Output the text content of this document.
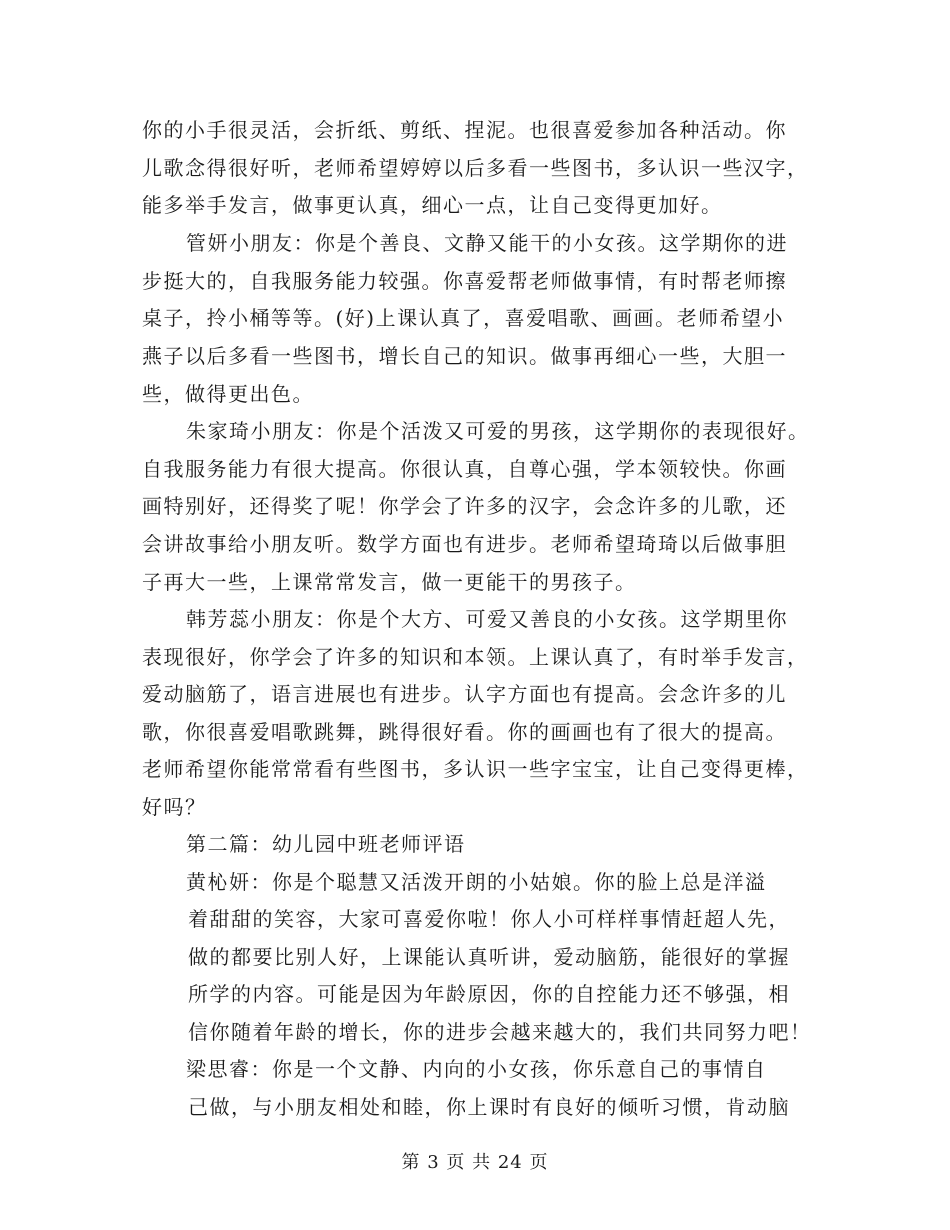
你的小手很灵活，会折纸、剪纸、捏泥。也很喜爱参加各种活动。你
儿歌念得很好听，老师希望婷婷以后多看一些图书，多认识一些汉字，
能多举手发言，做事更认真，细心一点，让自己变得更加好。
管妍小朋友：你是个善良、文静又能干的小女孩。这学期你的进
步挺大的，自我服务能力较强。你喜爱帮老师做事情，有时帮老师擦
桌子，拎小桶等等。(好)上课认真了，喜爱唱歌、画画。老师希望小
燕子以后多看一些图书，增长自己的知识。做事再细心一些，大胆一
些，做得更出色。
朱家琦小朋友：你是个活泼又可爱的男孩，这学期你的表现很好。
自我服务能力有很大提高。你很认真，自尊心强，学本领较快。你画
画特别好，还得奖了呢！你学会了许多的汉字，会念许多的儿歌，还
会讲故事给小朋友听。数学方面也有进步。老师希望琦琦以后做事胆
子再大一些，上课常常发言，做一更能干的男孩子。
韩芳蕊小朋友：你是个大方、可爱又善良的小女孩。这学期里你
表现很好，你学会了许多的知识和本领。上课认真了，有时举手发言，
爱动脑筋了，语言进展也有进步。认字方面也有提高。会念许多的儿
歌，你很喜爱唱歌跳舞，跳得很好看。你的画画也有了很大的提高。
老师希望你能常常看有些图书，多认识一些字宝宝，让自己变得更棒，
好吗？
第二篇：幼儿园中班老师评语
黄杺妍：你是个聪慧又活泼开朗的小姑娘。你的脸上总是洋溢
着甜甜的笑容，大家可喜爱你啦！你人小可样样事情赶超人先，
做的都要比别人好，上课能认真听讲，爱动脑筋，能很好的掌握
所学的内容。可能是因为年龄原因，你的自控能力还不够强，相
信你随着年龄的增长，你的进步会越来越大的，我们共同努力吧！
梁思睿：你是一个文静、内向的小女孩，你乐意自己的事情自
己做，与小朋友相处和睦，你上课时有良好的倾听习惯，肯动脑
第 3 页 共 24 页
